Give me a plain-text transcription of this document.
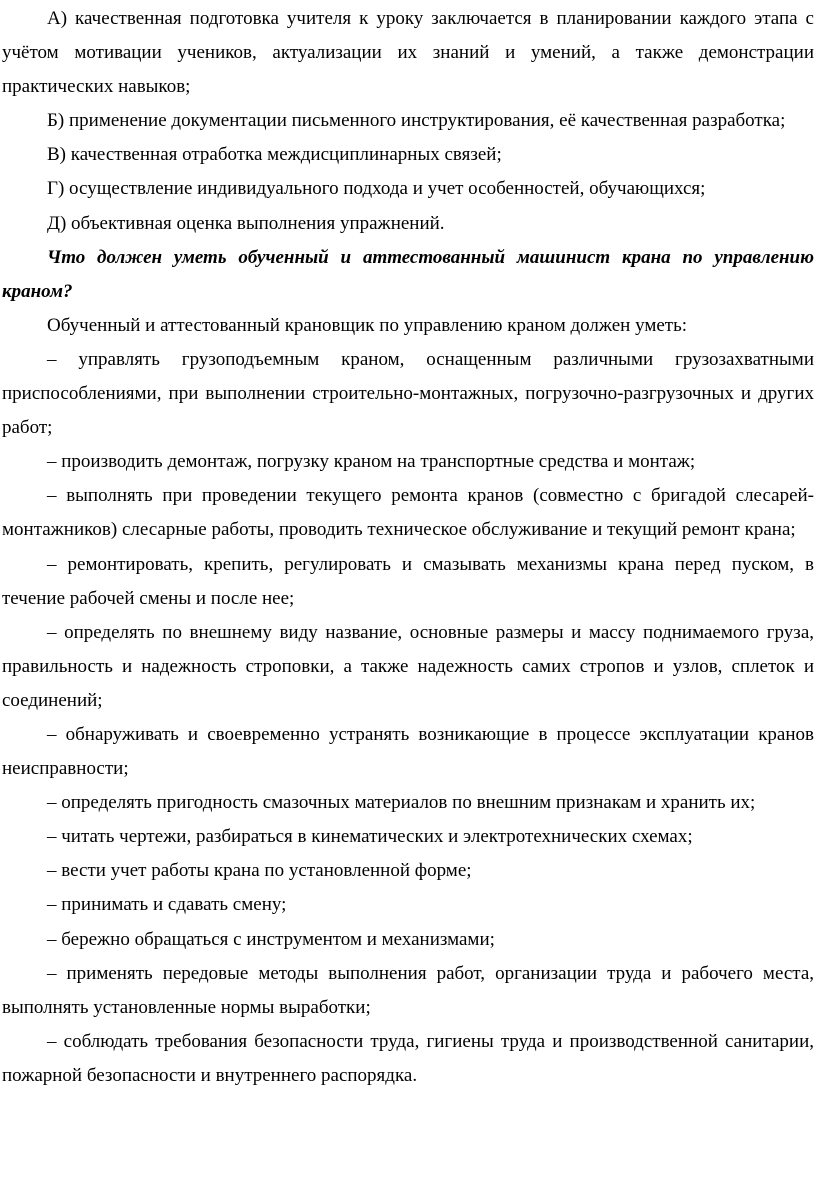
А) качественная подготовка учителя к уроку заключается в планировании каждого этапа с учётом мотивации учеников, актуализации их знаний и умений, а также демонстрации практических навыков;

Б) применение документации письменного инструктирования, её качественная разработка;

В) качественная отработка междисциплинарных связей;

Г) осуществление индивидуального подхода и учет особенностей, обучающихся;

Д) объективная оценка выполнения упражнений.

Что должен уметь обученный и аттестованный машинист крана по управлению краном?

Обученный и аттестованный крановщик по управлению краном должен уметь:

– управлять грузоподъемным краном, оснащенным различными грузозахватными приспособлениями, при выполнении строительно-монтажных, погрузочно-разгрузочных и других работ;

– производить демонтаж, погрузку краном на транспортные средства и монтаж;

– выполнять при проведении текущего ремонта кранов (совместно с бригадой слесарей-монтажников) слесарные работы, проводить техническое обслуживание и текущий ремонт крана;

– ремонтировать, крепить, регулировать и смазывать механизмы крана перед пуском, в течение рабочей смены и после нее;

– определять по внешнему виду название, основные размеры и массу поднимаемого груза, правильность и надежность строповки, а также надежность самих стропов и узлов, сплеток и соединений;

– обнаруживать и своевременно устранять возникающие в процессе эксплуатации кранов неисправности;

– определять пригодность смазочных материалов по внешним признакам и хранить их;

– читать чертежи, разбираться в кинематических и электротехнических схемах;

– вести учет работы крана по установленной форме;

– принимать и сдавать смену;

– бережно обращаться с инструментом и механизмами;

– применять передовые методы выполнения работ, организации труда и рабочего места, выполнять установленные нормы выработки;

– соблюдать требования безопасности труда, гигиены труда и производственной санитарии, пожарной безопасности и внутреннего распорядка.
